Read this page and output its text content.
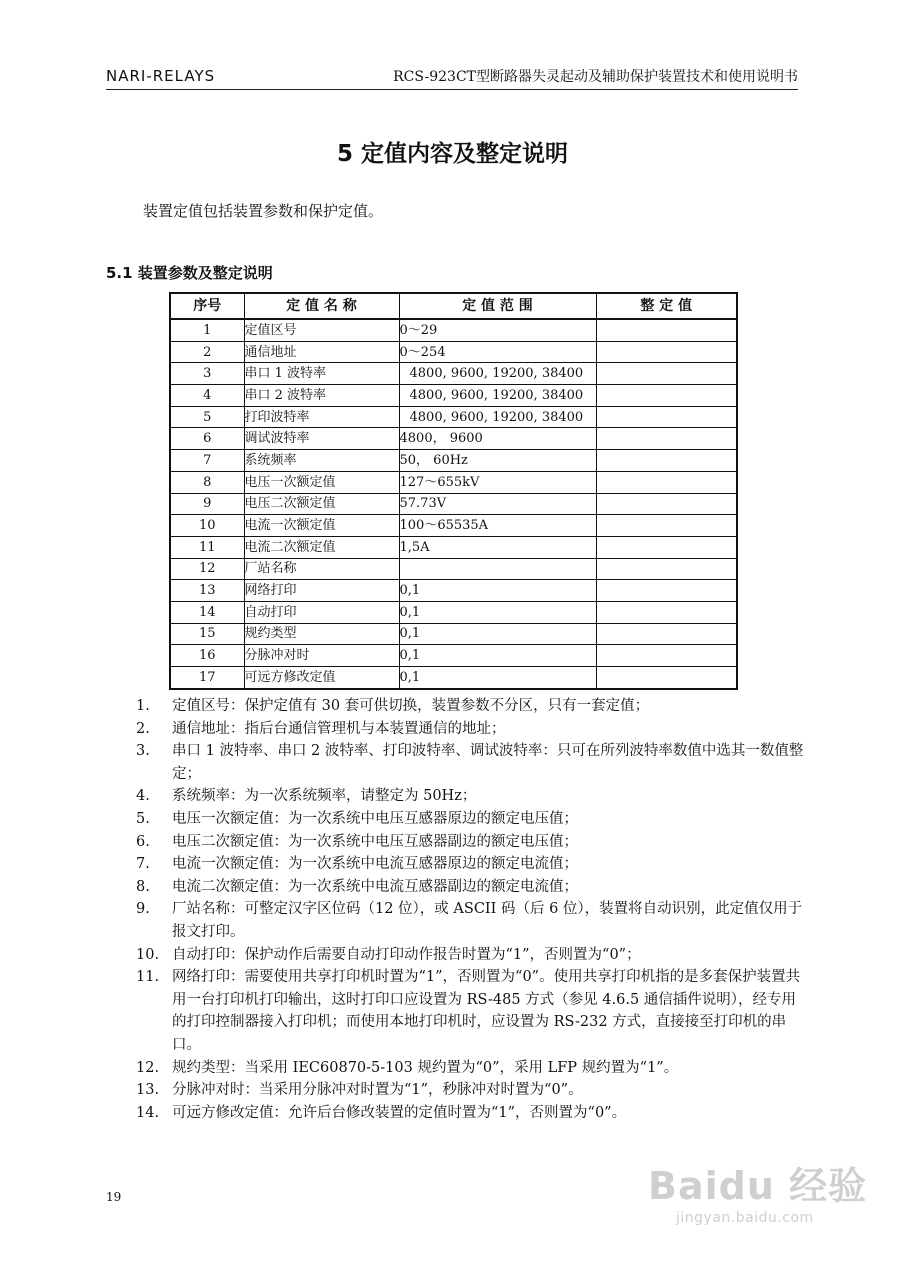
NARI-RELAYS	RCS-923CT型断路器失灵起动及辅助保护装置技术和使用说明书
5 定值内容及整定说明
装置定值包括装置参数和保护定值。
5.1 装置参数及整定说明
序号	定 值 名 称	定 值 范 围	整 定 值
1	定值区号	0～29	
2	通信地址	0～254	
3	串口 1 波特率	4800, 9600, 19200, 38400	
4	串口 2 波特率	4800, 9600, 19200, 38400	
5	打印波特率	4800, 9600, 19200, 38400	
6	调试波特率	4800， 9600	
7	系统频率	50， 60Hz	
8	电压一次额定值	127～655kV	
9	电压二次额定值	57.73V	
10	电流一次额定值	100～65535A	
11	电流二次额定值	1,5A	
12	厂站名称		
13	网络打印	0,1	
14	自动打印	0,1	
15	规约类型	0,1	
16	分脉冲对时	0,1	
17	可远方修改定值	0,1	
1.	定值区号：保护定值有 30 套可供切换，装置参数不分区，只有一套定值；
2.	通信地址：指后台通信管理机与本装置通信的地址；
3.	串口 1 波特率、串口 2 波特率、打印波特率、调试波特率：只可在所列波特率数值中选其一数值整定；
4.	系统频率：为一次系统频率，请整定为 50Hz；
5.	电压一次额定值：为一次系统中电压互感器原边的额定电压值；
6.	电压二次额定值：为一次系统中电压互感器副边的额定电压值；
7.	电流一次额定值：为一次系统中电流互感器原边的额定电流值；
8.	电流二次额定值：为一次系统中电流互感器副边的额定电流值；
9.	厂站名称：可整定汉字区位码（12 位），或 ASCII 码（后 6 位），装置将自动识别，此定值仅用于报文打印。
10. 自动打印：保护动作后需要自动打印动作报告时置为“1”，否则置为“0”；
11. 网络打印：需要使用共享打印机时置为“1”，否则置为“0”。使用共享打印机指的是多套保护装置共用一台打印机打印输出，这时打印口应设置为 RS-485 方式（参见 4.6.5 通信插件说明），经专用的打印控制器接入打印机；而使用本地打印机时，应设置为 RS-232 方式，直接接至打印机的串口。
12. 规约类型：当采用 IEC60870-5-103 规约置为“0”，采用 LFP 规约置为“1”。
13. 分脉冲对时：当采用分脉冲对时置为“1”，秒脉冲对时置为“0”。
14. 可远方修改定值：允许后台修改装置的定值时置为“1”，否则置为“0”。
19	Baidu 经验
jingyan.baidu.com
